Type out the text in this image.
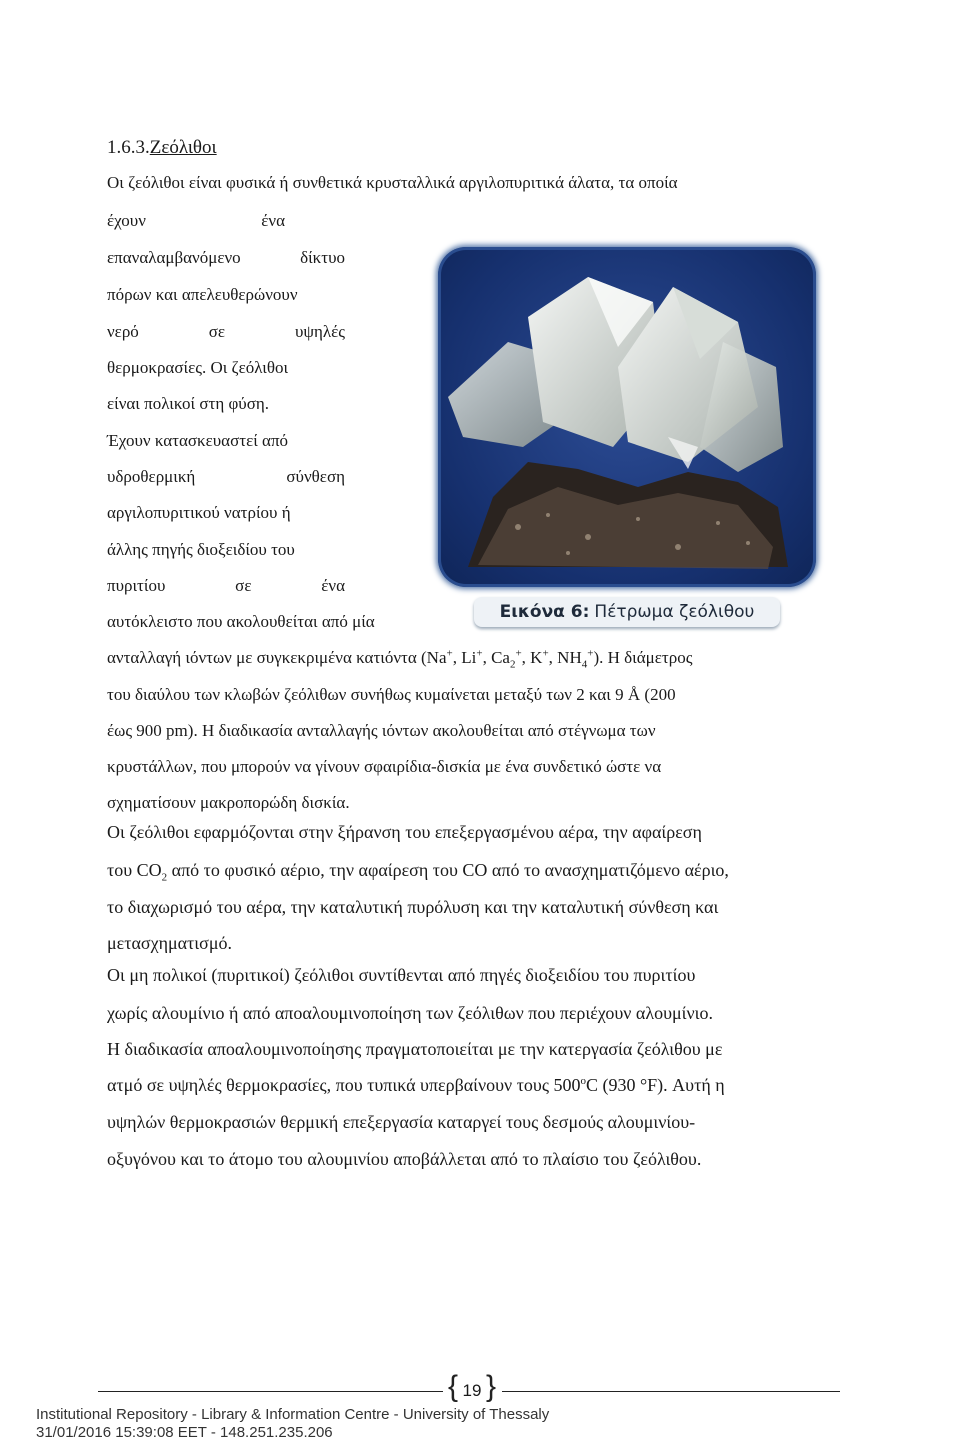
1.6.3.Ζεόλιθοι
Οι ζεόλιθοι είναι φυσικά ή συνθετικά κρυσταλλικά αργιλοπυριτικά άλατα, τα οποία
έχουν	ένα
επαναλαμβανόμενο	δίκτυο
πόρων και απελευθερώνουν
νερό	σε	υψηλές
θερμοκρασίες. Οι ζεόλιθοι
είναι πολικοί στη φύση.
Έχουν κατασκευαστεί από
υδροθερμική	σύνθεση
αργιλοπυριτικού νατρίου ή
άλλης πηγής διοξειδίου του
πυριτίου	σε	ένα
αυτόκλειστο που ακολουθείται από μία	Εικόνα 6: Πέτρωμα ζεόλιθου
ανταλλαγή ιόντων με συγκεκριμένα κατιόντα (Na+, Li+, $Ca_2^+$, K+, $NH_4^+$). Η διάμετρος
του διαύλου των κλωβών ζεόλιθων συνήθως κυμαίνεται μεταξύ των 2 και 9 Å (200
έως 900 pm). Η διαδικασία ανταλλαγής ιόντων ακολουθείται από στέγνωμα των
κρυστάλλων, που μπορούν να γίνουν σφαιρίδια-δισκία με ένα συνδετικό ώστε να
σχηματίσουν μακροπορώδη δισκία.
Οι ζεόλιθοι εφαρμόζονται στην ξήρανση του επεξεργασμένου αέρα, την αφαίρεση
του $CO_2$ από το φυσικό αέριο, την αφαίρεση του CO από το ανασχηματιζόμενο αέριο,
το διαχωρισμό του αέρα, την καταλυτική πυρόλυση και την καταλυτική σύνθεση και
μετασχηματισμό.
Οι μη πολικοί (πυριτικοί) ζεόλιθοι συντίθενται από πηγές διοξειδίου του πυριτίου
χωρίς αλουμίνιο ή από αποαλουμινοποίηση των ζεόλιθων που περιέχουν αλουμίνιο.
Η διαδικασία αποαλουμινοποίησης πραγματοποιείται με την κατεργασία ζεόλιθου με
ατμό σε υψηλές θερμοκρασίες, που τυπικά υπερβαίνουν τους 500$^o$C (930 °F). Αυτή η
υψηλών θερμοκρασιών θερμική επεξεργασία καταργεί τους δεσμούς αλουμινίου-
οξυγόνου και το άτομο του αλουμινίου αποβάλλεται από το πλαίσιο του ζεόλιθου.
{ 19 }
Institutional Repository - Library & Information Centre - University of Thessaly
31/01/2016 15:39:08 EET - 148.251.235.206
